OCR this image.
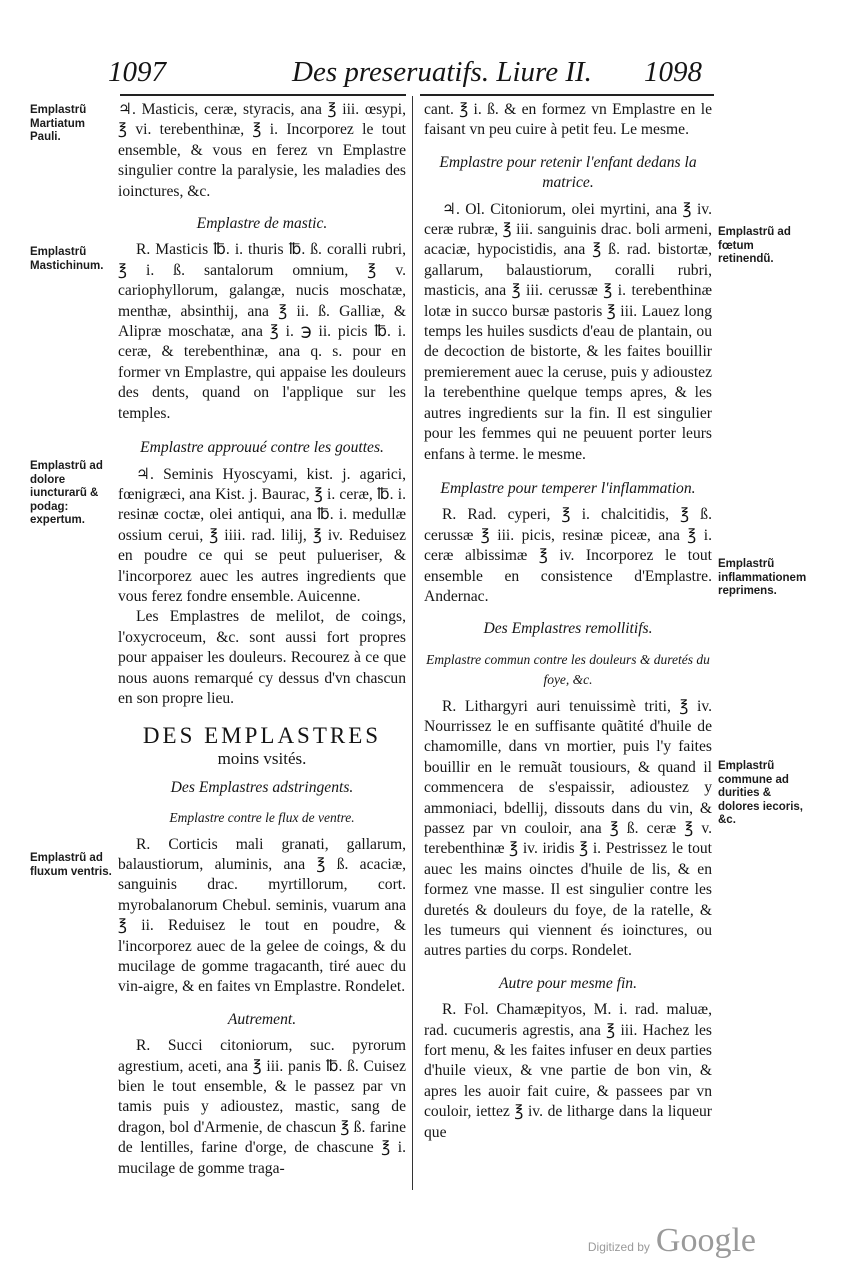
1097	Des preseruatifs. Liure II. 1098

♃. Masticis, ceræ, styracis, ana ℥ iii. œsypi, ℥ vi. terebenthinæ, ℥ i. Incorporez le tout ensemble, & vous en ferez vn Emplastre singulier contre la paralysie, les maladies des ioinctures, &c.

Emplastre de mastic.

R. Masticis ℔. i. thuris ℔. ß. coralli rubri, ℥ i. ß. santalorum omnium, ℥ v. cariophyllorum, galangæ, nucis moschatæ, menthæ, absinthij, ana ℥ ii. ß. Galliæ, & Alipræ moschatæ, ana ℥ i. ℈ ii. picis ℔. i. ceræ, & terebenthinæ, ana q. s. pour en former vn Emplastre, qui appaise les douleurs des dents, quand on l'applique sur les temples.

Emplastre approuué contre les gouttes.

♃. Seminis Hyoscyami, kist. j. agarici, fœnigræci, ana Kist. j. Baurac, ℥ i. ceræ, ℔. i. resinæ coctæ, olei antiqui, ana ℔. i. medullæ ossium cerui, ℥ iiii. rad. lilij, ℥ iv. Reduisez en poudre ce qui se peut pulueriser, & l'incorporez auec les autres ingredients que vous ferez fondre ensemble. Auicenne.

Les Emplastres de melilot, de coings, l'oxycroceum, &c. sont aussi fort propres pour appaiser les douleurs. Recourez à ce que nous auons remarqué cy dessus d'vn chascun en son propre lieu.

DES EMPLASTRES
moins vsités.
Des Emplastres adstringents.
Emplastre contre le flux de ventre.

R. Corticis mali granati, gallarum, balaustiorum, aluminis, ana ℥ ß. acaciæ, sanguinis drac. myrtillorum, cort. myrobalanorum Chebul. seminis, vuarum ana ℥ ii. Reduisez le tout en poudre, & l'incorporez auec de la gelee de coings, & du mucilage de gomme tragacanth, tiré auec du vin-aigre, & en faites vn Emplastre. Rondelet.

Autrement.

R. Succi citoniorum, suc. pyrorum agrestium, aceti, ana ℥ iii. panis ℔. ß. Cuisez bien le tout ensemble, & le passez par vn tamis puis y adioustez, mastic, sang de dragon, bol d'Armenie, de chascun ℥ ß. farine de lentilles, farine d'orge, de chascune ℥ i. mucilage de gomme traga-

cant. ℥ i. ß. & en formez vn Emplastre en le faisant vn peu cuire à petit feu. Le mesme.

Emplastre pour retenir l'enfant dedans la matrice.

♃. Ol. Citoniorum, olei myrtini, ana ℥ iv. ceræ rubræ, ℥ iii. sanguinis drac. boli armeni, acaciæ, hypocistidis, ana ℥ ß. rad. bistortæ, gallarum, balaustiorum, coralli rubri, masticis, ana ℥ iii. cerussæ ℥ i. terebenthinæ lotæ in succo bursæ pastoris ℥ iii. Lauez long temps les huiles susdicts d'eau de plantain, ou de decoction de bistorte, & les faites bouillir premierement auec la ceruse, puis y adioustez la terebenthine quelque temps apres, & les autres ingredients sur la fin. Il est singulier pour les femmes qui ne peuuent porter leurs enfans à terme. le mesme.

Emplastre pour temperer l'inflammation.

R. Rad. cyperi, ℥ i. chalcitidis, ℥ ß. cerussæ ℥ iii. picis, resinæ piceæ, ana ℥ i. ceræ albissimæ ℥ iv. Incorporez le tout ensemble en consistence d'Emplastre. Andernac.

Des Emplastres remollitifs.
Emplastre commun contre les douleurs & duretés du foye, &c.

R. Lithargyri auri tenuissimè triti, ℥ iv. Nourrissez le en suffisante quãtité d'huile de chamomille, dans vn mortier, puis l'y faites bouillir en le remuãt tousiours, & quand il commencera de s'espaissir, adioustez y ammoniaci, bdellij, dissouts dans du vin, & passez par vn couloir, ana ℥ ß. ceræ ℥ v. terebenthinæ ℥ iv. iridis ℥ i. Pestrissez le tout auec les mains oinctes d'huile de lis, & en formez vne masse. Il est singulier contre les duretés & douleurs du foye, de la ratelle, & les tumeurs qui viennent és ioinctures, ou autres parties du corps. Rondelet.

Autre pour mesme fin.

R. Fol. Chamæpityos, M. i. rad. maluæ, rad. cucumeris agrestis, ana ℥ iii. Hachez les fort menu, & les faites infuser en deux parties d'huile vieux, & vne partie de bon vin, & apres les auoir fait cuire, & passees par vn couloir, iettez ℥ iv. de litharge dans la liqueur que

Emplastrũ Martiatum Pauli.
Emplastrũ Mastichinum.
Emplastrũ ad dolore iuncturarũ & podag: expertum.
Emplastrũ ad fluxum ventris.
Emplastrũ ad fœtum retinendũ.
Emplastrũ inflammationem reprimens.
Emplastrũ commune ad durities & dolores iecoris, &c.
Digitized by Google
